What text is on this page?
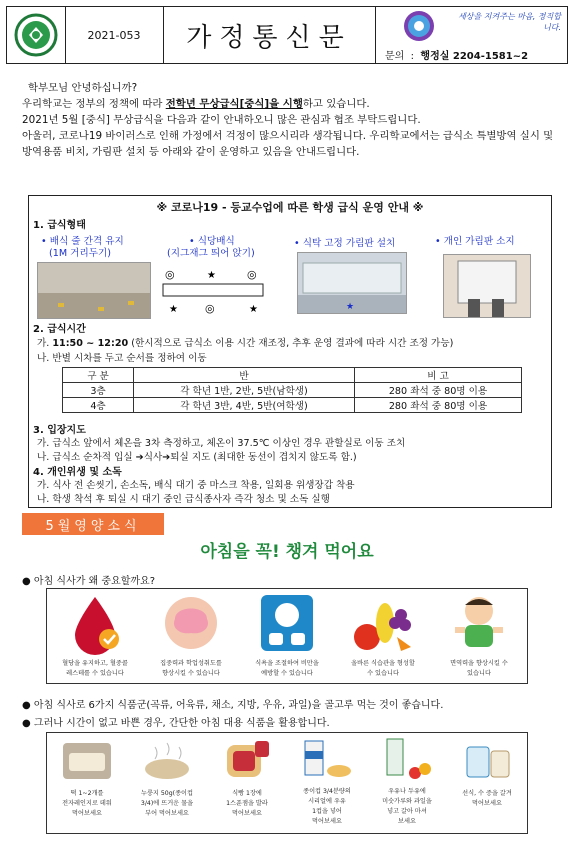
2021-053	가정통신문
세상을 지켜주는 마음, 정직합니다.
문의  :  행정실 2204-1581~2

학부모님 안녕하십니까?

우리학교는 정부의 정책에 따라 전학년 무상급식[중식]을 시행하고 있습니다.

2021년 5월 [중식] 무상급식을 다음과 같이 안내하오니 많은 관심과 협조 부탁드립니다.

아울러, 코로나19 바이러스로 인해 가정에서 걱정이 많으시리라 생각됩니다. 우리학교에서는 급식소 특별방역 실시 및 방역용품 비치, 가림판 설치 등 아래와 같이 운영하고 있음을 안내드립니다.

※ 코로나19 - 등교수업에 따른 학생 급식 운영 안내 ※
1. 급식형태
• 배식 줄 간격 유지
(1M 거리두기)
• 식당배식
(지그재그 띄어 앉기)
• 식탁 고정 가림판 설치	• 개인 가림판 소지
◎	★	◎
★ ◎	★	★
2. 급식시간
가. 11:50 ~ 12:20 (한시적으로 급식소 이용 시간 재조정, 추후 운영 결과에 따라 시간 조정 가능)
나. 반별 시차를 두고 순서를 정하여 이동
구 분	반	비 고
3층	각 학년 1반, 2반, 5반(남학생)	280 좌석 중 80명 이용
4층	각 학년 3반, 4반, 5반(여학생)	280 좌석 중 80명 이용
3. 입장지도
가. 급식소 앞에서 체온을 3차 측정하고, 체온이 37.5℃ 이상인 경우 관할실로 이동 조치
나. 급식소 순차적 입실 ➔식사➔퇴실 지도 (최대한 동선이 겹치지 않도록 함.)
4. 개인위생 및 소독
가. 식사 전 손씻기, 손소독, 배식 대기 중 마스크 착용, 일회용 위생장갑 착용
나. 학생 착석 후 퇴실 시 대기 중인 급식종사자 즉각 청소 및 소독 실행
5월영양소식
아침을 꼭! 챙겨 먹어요
● 아침 식사가 왜 중요할까요?
혈당을 유지하고, 혈중콜
레스테롤 수 있습니다
집중력과 학업성취도를
향상시킬 수 있습니다
식욕을 조절하여 비만을
예방할 수 있습니다
올바른 식습관을 형성할
수 있습니다
면역력을 향상시킬 수
있습니다
● 아침 식사로 6가지 식품군(곡류, 어육류, 채소, 지방, 우유, 과일)을 골고루 먹는 것이 좋습니다.
● 그러나 시간이 없고 바쁜 경우, 간단한 아침 대용 식품을 활용합니다.
떡 1~2개를
전자레인지로 데워
먹어보세요
누룽지 50g(종이컵
3/4)에 뜨거운 물을
부어 먹어보세요
식빵 1장에
1스푼잼을 발라
먹어보세요
종이컵 3/4분량의
시리얼에 우유
1컵을 넣어
먹어보세요
우유나 두유에
미숫가루와 과일을
넣고 갈아 마셔
보세요
선식, 수 증을 갈겨
먹어보세요
